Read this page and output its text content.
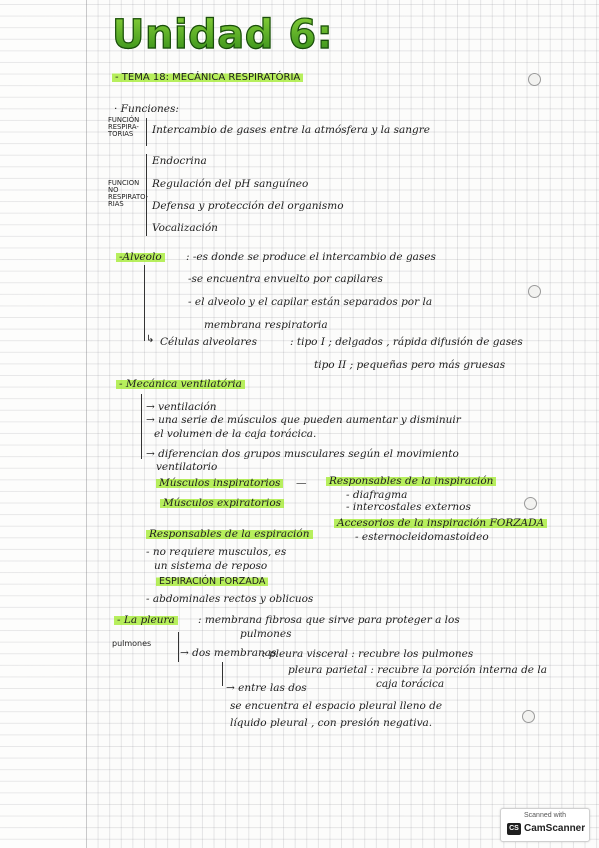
Unidad 6:
- TEMA 18: MECÁNICA RESPIRATÓRIA
· Funciones:
FUNCIÓN RESPIRA- TORIAS	Intercambio de gases entre la atmósfera y la sangre
FUNCION NO RESPIRATO- RIAS
Endocrina
Regulación del pH sanguíneo
Defensa y protección del organismo
Vocalización
-Alveolo : -es donde se produce el intercambio de gases
-se encuentra envuelto por capilares
- el alveolo y el capilar están separados por la
membrana respiratoria
↳ Células alveolares	: tipo I ; delgados , rápida difusión de gases
tipo II ; pequeñas pero más gruesas
- Mecánica ventilatória
→ ventilación
→ una serie de músculos que pueden aumentar y disminuir
el volumen de la caja torácica.
→ diferencian dos grupos musculares según el movimiento
ventilatorio
Músculos inspiratorios — Responsables de la inspiración
- diafragma
- intercostales externos
Músculos expiratorios
Accesorios de la inspiración FORZADA
- esternocleidomastoideo
Responsables de la espiración
- no requiere musculos, es
un sistema de reposo
ESPIRACIÓN FORZADA
- abdominales rectos y oblicuos
- La pleura : membrana fibrosa que sirve para proteger a los
pulmones
pulmones
→ dos membranas
: pleura visceral : recubre los pulmones
pleura parietal : recubre la porción interna de la
caja torácica
→ entre las dos
se encuentra el espacio pleural lleno de
líquido pleural , con presión negativa.
Scanned with
CS CamScanner
